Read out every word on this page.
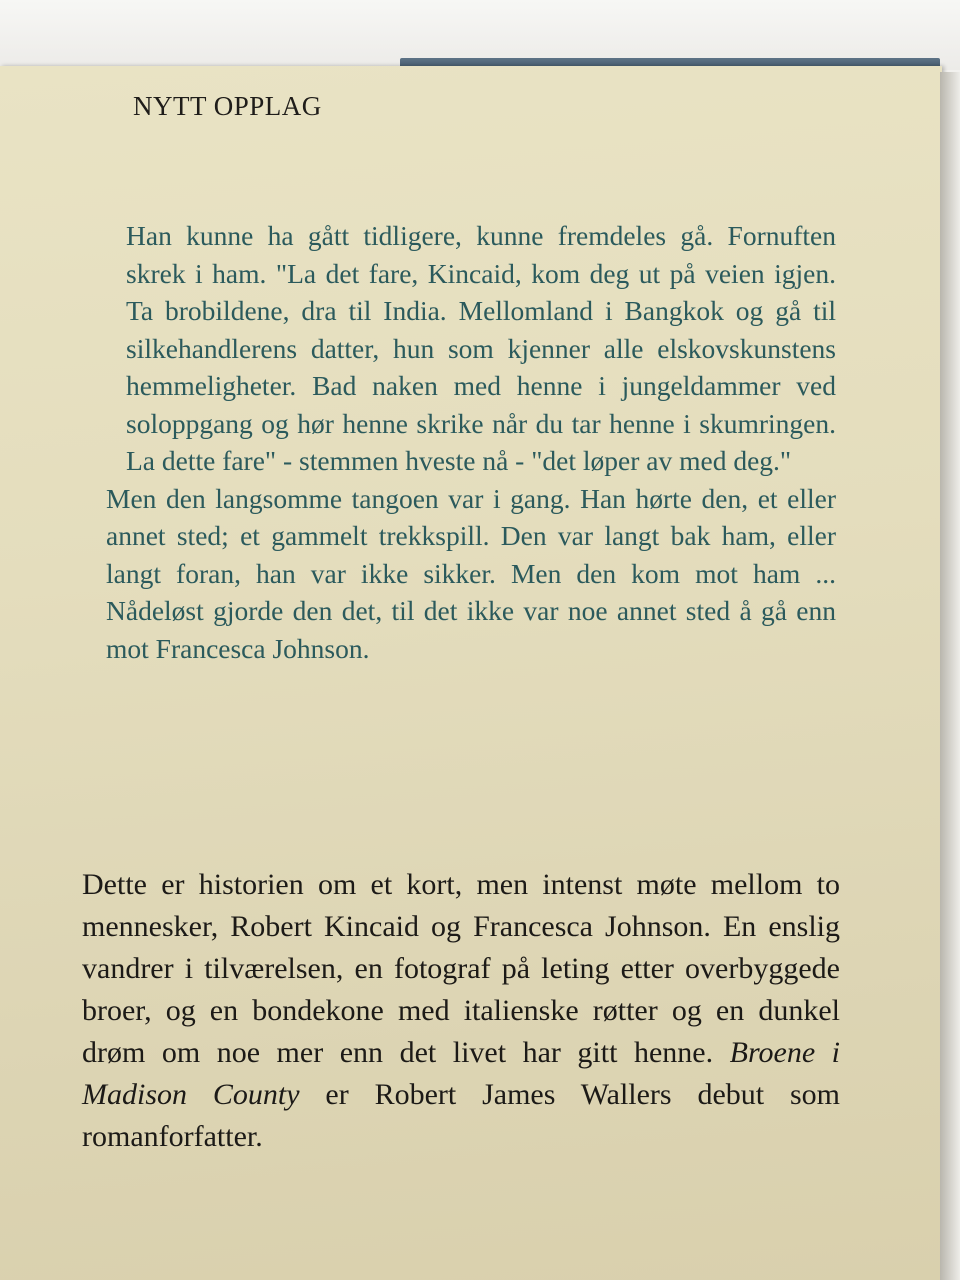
NYTT OPPLAG

Han kunne ha gått tidligere, kunne fremdeles gå. Fornuften skrek i ham. "La det fare, Kincaid, kom deg ut på veien igjen. Ta brobildene, dra til India. Mellomland i Bangkok og gå til silkehandlerens datter, hun som kjenner alle elskovskunstens hemmeligheter. Bad naken med henne i jungeldammer ved soloppgang og hør henne skrike når du tar henne i skumringen. La dette fare" - stemmen hveste nå - "det løper av med deg."

Men den langsomme tangoen var i gang. Han hørte den, et eller annet sted; et gammelt trekkspill. Den var langt bak ham, eller langt foran, han var ikke sikker. Men den kom mot ham ... Nådeløst gjorde den det, til det ikke var noe annet sted å gå enn mot Francesca Johnson.

Dette er historien om et kort, men intenst møte mellom to mennesker, Robert Kincaid og Francesca Johnson. En enslig vandrer i tilværelsen, en fotograf på leting etter overbyggede broer, og en bondekone med italienske røtter og en dunkel drøm om noe mer enn det livet har gitt henne. Broene i Madison County er Robert James Wallers debut som romanforfatter.
